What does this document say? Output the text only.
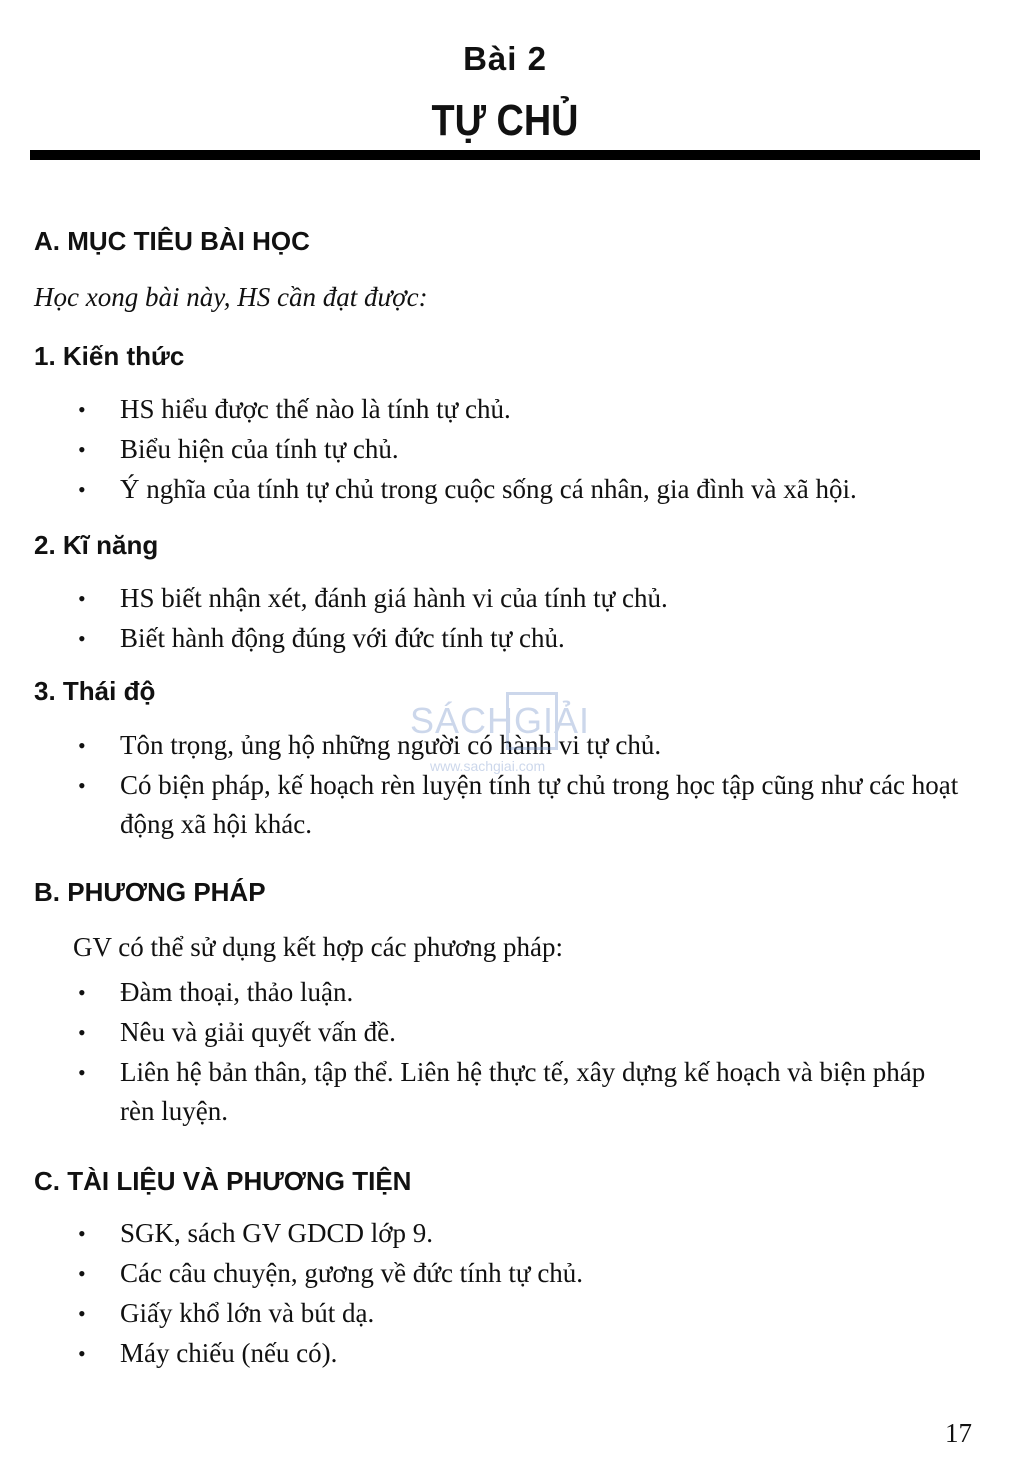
Bài 2
TỰ CHỦ
A. MỤC TIÊU BÀI HỌC
Học xong bài này, HS cần đạt được:
1. Kiến thức
• HS hiểu được thế nào là tính tự chủ.
• Biểu hiện của tính tự chủ.
• Ý nghĩa của tính tự chủ trong cuộc sống cá nhân, gia đình và xã hội.
2. Kĩ năng
• HS biết nhận xét, đánh giá hành vi của tính tự chủ.
• Biết hành động đúng với đức tính tự chủ.
3. Thái độ
• Tôn trọng, ủng hộ những người có hành vi tự chủ.
• Có biện pháp, kế hoạch rèn luyện tính tự chủ trong học tập cũng như các hoạt động xã hội khác.
B. PHƯƠNG PHÁP
GV có thể sử dụng kết hợp các phương pháp:
• Đàm thoại, thảo luận.
• Nêu và giải quyết vấn đề.
• Liên hệ bản thân, tập thể. Liên hệ thực tế, xây dựng kế hoạch và biện pháp rèn luyện.
C. TÀI LIỆU VÀ PHƯƠNG TIỆN
• SGK, sách GV GDCD lớp 9.
• Các câu chuyện, gương về đức tính tự chủ.
• Giấy khổ lớn và bút dạ.
• Máy chiếu (nếu có).
SÁCHGIẢI
www.sachgiai.com
17
